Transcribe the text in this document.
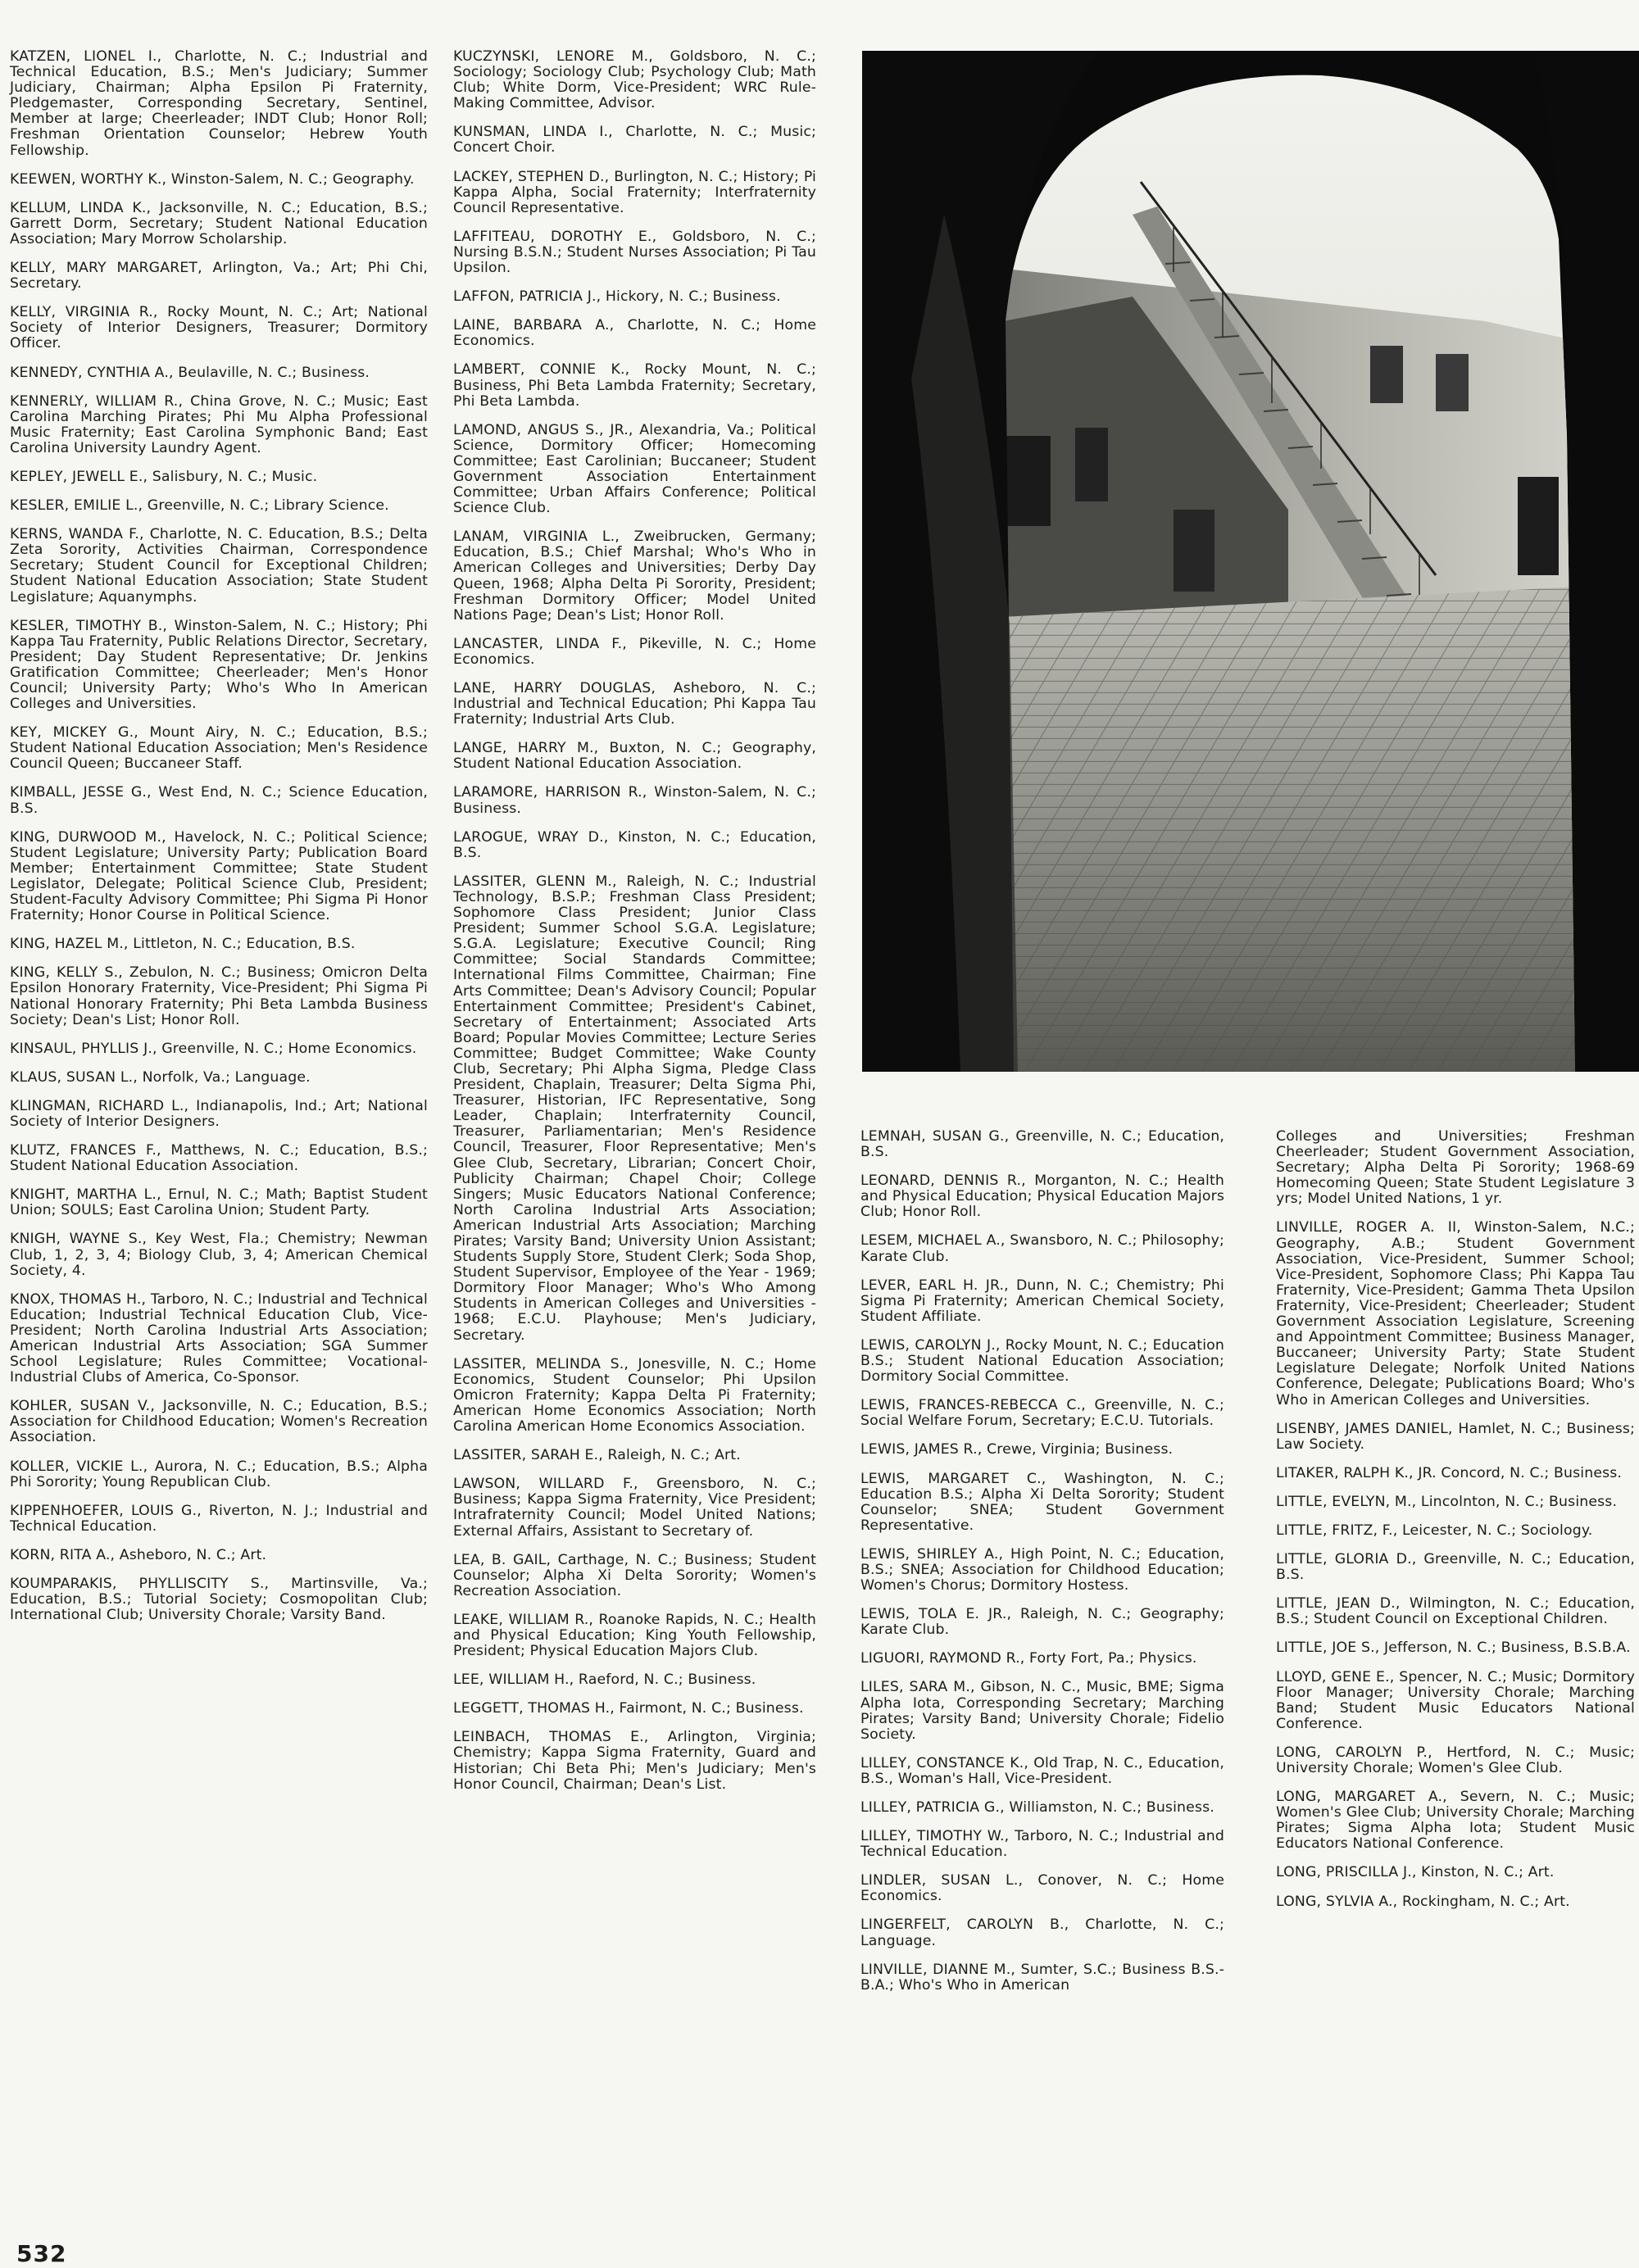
KATZEN, LIONEL I., Charlotte, N. C.; Industrial and Technical Education, B.S.; Men's Judiciary; Summer Judiciary, Chairman; Alpha Epsilon Pi Fraternity, Pledgemaster, Corresponding Secretary, Sentinel, Member at large; Cheerleader; INDT Club; Honor Roll; Freshman Orientation Counselor; Hebrew Youth Fellowship.

KEEWEN, WORTHY K., Winston-Salem, N. C.; Geography.

KELLUM, LINDA K., Jacksonville, N. C.; Education, B.S.; Garrett Dorm, Secretary; Student National Education Association; Mary Morrow Scholarship.

KELLY, MARY MARGARET, Arlington, Va.; Art; Phi Chi, Secretary.

KELLY, VIRGINIA R., Rocky Mount, N. C.; Art; National Society of Interior Designers, Treasurer; Dormitory Officer.

KENNEDY, CYNTHIA A., Beulaville, N. C.; Business.

KENNERLY, WILLIAM R., China Grove, N. C.; Music; East Carolina Marching Pirates; Phi Mu Alpha Professional Music Fraternity; East Carolina Symphonic Band; East Carolina University Laundry Agent.

KEPLEY, JEWELL E., Salisbury, N. C.; Music.

KESLER, EMILIE L., Greenville, N. C.; Library Science.

KERNS, WANDA F., Charlotte, N. C. Education, B.S.; Delta Zeta Sorority, Activities Chairman, Correspondence Secretary; Student Council for Exceptional Children; Student National Education Association; State Student Legislature; Aquanymphs.

KESLER, TIMOTHY B., Winston-Salem, N. C.; History; Phi Kappa Tau Fraternity, Public Relations Director, Secretary, President; Day Student Representative; Dr. Jenkins Gratification Committee; Cheerleader; Men's Honor Council; University Party; Who's Who In American Colleges and Universities.

KEY, MICKEY G., Mount Airy, N. C.; Education, B.S.; Student National Education Association; Men's Residence Council Queen; Buccaneer Staff.

KIMBALL, JESSE G., West End, N. C.; Science Education, B.S.

KING, DURWOOD M., Havelock, N. C.; Political Science; Student Legislature; University Party; Publication Board Member; Entertainment Committee; State Student Legislator, Delegate; Political Science Club, President; Student-Faculty Advisory Committee; Phi Sigma Pi Honor Fraternity; Honor Course in Political Science.

KING, HAZEL M., Littleton, N. C.; Education, B.S.

KING, KELLY S., Zebulon, N. C.; Business; Omicron Delta Epsilon Honorary Fraternity, Vice-President; Phi Sigma Pi National Honorary Fraternity; Phi Beta Lambda Business Society; Dean's List; Honor Roll.

KINSAUL, PHYLLIS J., Greenville, N. C.; Home Economics.

KLAUS, SUSAN L., Norfolk, Va.; Language.

KLINGMAN, RICHARD L., Indianapolis, Ind.; Art; National Society of Interior Designers.

KLUTZ, FRANCES F., Matthews, N. C.; Education, B.S.; Student National Education Association.

KNIGHT, MARTHA L., Ernul, N. C.; Math; Baptist Student Union; SOULS; East Carolina Union; Student Party.

KNIGH, WAYNE S., Key West, Fla.; Chemistry; Newman Club, 1, 2, 3, 4; Biology Club, 3, 4; American Chemical Society, 4.

KNOX, THOMAS H., Tarboro, N. C.; Industrial and Technical Education; Industrial Technical Education Club, Vice-President; North Carolina Industrial Arts Association; American Industrial Arts Association; SGA Summer School Legislature; Rules Committee; Vocational-Industrial Clubs of America, Co-Sponsor.

KOHLER, SUSAN V., Jacksonville, N. C.; Education, B.S.; Association for Childhood Education; Women's Recreation Association.

KOLLER, VICKIE L., Aurora, N. C.; Education, B.S.; Alpha Phi Sorority; Young Republican Club.

KIPPENHOEFER, LOUIS G., Riverton, N. J.; Industrial and Technical Education.

KORN, RITA A., Asheboro, N. C.; Art.

KOUMPARAKIS, PHYLLISCITY S., Martinsville, Va.; Education, B.S.; Tutorial Society; Cosmopolitan Club; International Club; University Chorale; Varsity Band.

KUCZYNSKI, LENORE M., Goldsboro, N. C.; Sociology; Sociology Club; Psychology Club; Math Club; White Dorm, Vice-President; WRC Rule-Making Committee, Advisor.

KUNSMAN, LINDA I., Charlotte, N. C.; Music; Concert Choir.

LACKEY, STEPHEN D., Burlington, N. C.; History; Pi Kappa Alpha, Social Fraternity; Interfraternity Council Representative.

LAFFITEAU, DOROTHY E., Goldsboro, N. C.; Nursing B.S.N.; Student Nurses Association; Pi Tau Upsilon.

LAFFON, PATRICIA J., Hickory, N. C.; Business.

LAINE, BARBARA A., Charlotte, N. C.; Home Economics.

LAMBERT, CONNIE K., Rocky Mount, N. C.; Business, Phi Beta Lambda Fraternity; Secretary, Phi Beta Lambda.

LAMOND, ANGUS S., JR., Alexandria, Va.; Political Science, Dormitory Officer; Homecoming Committee; East Carolinian; Buccaneer; Student Government Association Entertainment Committee; Urban Affairs Conference; Political Science Club.

LANAM, VIRGINIA L., Zweibrucken, Germany; Education, B.S.; Chief Marshal; Who's Who in American Colleges and Universities; Derby Day Queen, 1968; Alpha Delta Pi Sorority, President; Freshman Dormitory Officer; Model United Nations Page; Dean's List; Honor Roll.

LANCASTER, LINDA F., Pikeville, N. C.; Home Economics.

LANE, HARRY DOUGLAS, Asheboro, N. C.; Industrial and Technical Education; Phi Kappa Tau Fraternity; Industrial Arts Club.

LANGE, HARRY M., Buxton, N. C.; Geography, Student National Education Association.

LARAMORE, HARRISON R., Winston-Salem, N. C.; Business.

LAROGUE, WRAY D., Kinston, N. C.; Education, B.S.

LASSITER, GLENN M., Raleigh, N. C.; Industrial Technology, B.S.P.; Freshman Class President; Sophomore Class President; Junior Class President; Summer School S.G.A. Legislature; S.G.A. Legislature; Executive Council; Ring Committee; Social Standards Committee; International Films Committee, Chairman; Fine Arts Committee; Dean's Advisory Council; Popular Entertainment Committee; President's Cabinet, Secretary of Entertainment; Associated Arts Board; Popular Movies Committee; Lecture Series Committee; Budget Committee; Wake County Club, Secretary; Phi Alpha Sigma, Pledge Class President, Chaplain, Treasurer; Delta Sigma Phi, Treasurer, Historian, IFC Representative, Song Leader, Chaplain; Interfraternity Council, Treasurer, Parliamentarian; Men's Residence Council, Treasurer, Floor Representative; Men's Glee Club, Secretary, Librarian; Concert Choir, Publicity Chairman; Chapel Choir; College Singers; Music Educators National Conference; North Carolina Industrial Arts Association; American Industrial Arts Association; Marching Pirates; Varsity Band; University Union Assistant; Students Supply Store, Student Clerk; Soda Shop, Student Supervisor, Employee of the Year - 1969; Dormitory Floor Manager; Who's Who Among Students in American Colleges and Universities - 1968; E.C.U. Playhouse; Men's Judiciary, Secretary.

LASSITER, MELINDA S., Jonesville, N. C.; Home Economics, Student Counselor; Phi Upsilon Omicron Fraternity; Kappa Delta Pi Fraternity; American Home Economics Association; North Carolina American Home Economics Association.

LASSITER, SARAH E., Raleigh, N. C.; Art.

LAWSON, WILLARD F., Greensboro, N. C.; Business; Kappa Sigma Fraternity, Vice President; Intrafraternity Council; Model United Nations; External Affairs, Assistant to Secretary of.

LEA, B. GAIL, Carthage, N. C.; Business; Student Counselor; Alpha Xi Delta Sorority; Women's Recreation Association.

LEAKE, WILLIAM R., Roanoke Rapids, N. C.; Health and Physical Education; King Youth Fellowship, President; Physical Education Majors Club.

LEE, WILLIAM H., Raeford, N. C.; Business.

LEGGETT, THOMAS H., Fairmont, N. C.; Business.

LEINBACH, THOMAS E., Arlington, Virginia; Chemistry; Kappa Sigma Fraternity, Guard and Historian; Chi Beta Phi; Men's Judiciary; Men's Honor Council, Chairman; Dean's List.

LEMNAH, SUSAN G., Greenville, N. C.; Education, B.S.

LEONARD, DENNIS R., Morganton, N. C.; Health and Physical Education; Physical Education Majors Club; Honor Roll.

LESEM, MICHAEL A., Swansboro, N. C.; Philosophy; Karate Club.

LEVER, EARL H. JR., Dunn, N. C.; Chemistry; Phi Sigma Pi Fraternity; American Chemical Society, Student Affiliate.

LEWIS, CAROLYN J., Rocky Mount, N. C.; Education B.S.; Student National Education Association; Dormitory Social Committee.

LEWIS, FRANCES-REBECCA C., Greenville, N. C.; Social Welfare Forum, Secretary; E.C.U. Tutorials.

LEWIS, JAMES R., Crewe, Virginia; Business.

LEWIS, MARGARET C., Washington, N. C.; Education B.S.; Alpha Xi Delta Sorority; Student Counselor; SNEA; Student Government Representative.

LEWIS, SHIRLEY A., High Point, N. C.; Education, B.S.; SNEA; Association for Childhood Education; Women's Chorus; Dormitory Hostess.

LEWIS, TOLA E. JR., Raleigh, N. C.; Geography; Karate Club.

LIGUORI, RAYMOND R., Forty Fort, Pa.; Physics.

LILES, SARA M., Gibson, N. C., Music, BME; Sigma Alpha Iota, Corresponding Secretary; Marching Pirates; Varsity Band; University Chorale; Fidelio Society.

LILLEY, CONSTANCE K., Old Trap, N. C., Education, B.S., Woman's Hall, Vice-President.

LILLEY, PATRICIA G., Williamston, N. C.; Business.

LILLEY, TIMOTHY W., Tarboro, N. C.; Industrial and Technical Education.

LINDLER, SUSAN L., Conover, N. C.; Home Economics.

LINGERFELT, CAROLYN B., Charlotte, N. C.; Language.

LINVILLE, DIANNE M., Sumter, S.C.; Business B.S.-B.A.; Who's Who in American

Colleges and Universities; Freshman Cheerleader; Student Government Association, Secretary; Alpha Delta Pi Sorority; 1968-69 Homecoming Queen; State Student Legislature 3 yrs; Model United Nations, 1 yr.

LINVILLE, ROGER A. II, Winston-Salem, N.C.; Geography, A.B.; Student Government Association, Vice-President, Summer School; Vice-President, Sophomore Class; Phi Kappa Tau Fraternity, Vice-President; Gamma Theta Upsilon Fraternity, Vice-President; Cheerleader; Student Government Association Legislature, Screening and Appointment Committee; Business Manager, Buccaneer; University Party; State Student Legislature Delegate; Norfolk United Nations Conference, Delegate; Publications Board; Who's Who in American Colleges and Universities.

LISENBY, JAMES DANIEL, Hamlet, N. C.; Business; Law Society.

LITAKER, RALPH K., JR. Concord, N. C.; Business.

LITTLE, EVELYN, M., Lincolnton, N. C.; Business.

LITTLE, FRITZ, F., Leicester, N. C.; Sociology.

LITTLE, GLORIA D., Greenville, N. C.; Education, B.S.

LITTLE, JEAN D., Wilmington, N. C.; Education, B.S.; Student Council on Exceptional Children.

LITTLE, JOE S., Jefferson, N. C.; Business, B.S.B.A.

LLOYD, GENE E., Spencer, N. C.; Music; Dormitory Floor Manager; University Chorale; Marching Band; Student Music Educators National Conference.

LONG, CAROLYN P., Hertford, N. C.; Music; University Chorale; Women's Glee Club.

LONG, MARGARET A., Severn, N. C.; Music; Women's Glee Club; University Chorale; Marching Pirates; Sigma Alpha Iota; Student Music Educators National Conference.

LONG, PRISCILLA J., Kinston, N. C.; Art.

LONG, SYLVIA A., Rockingham, N. C.; Art.

532
